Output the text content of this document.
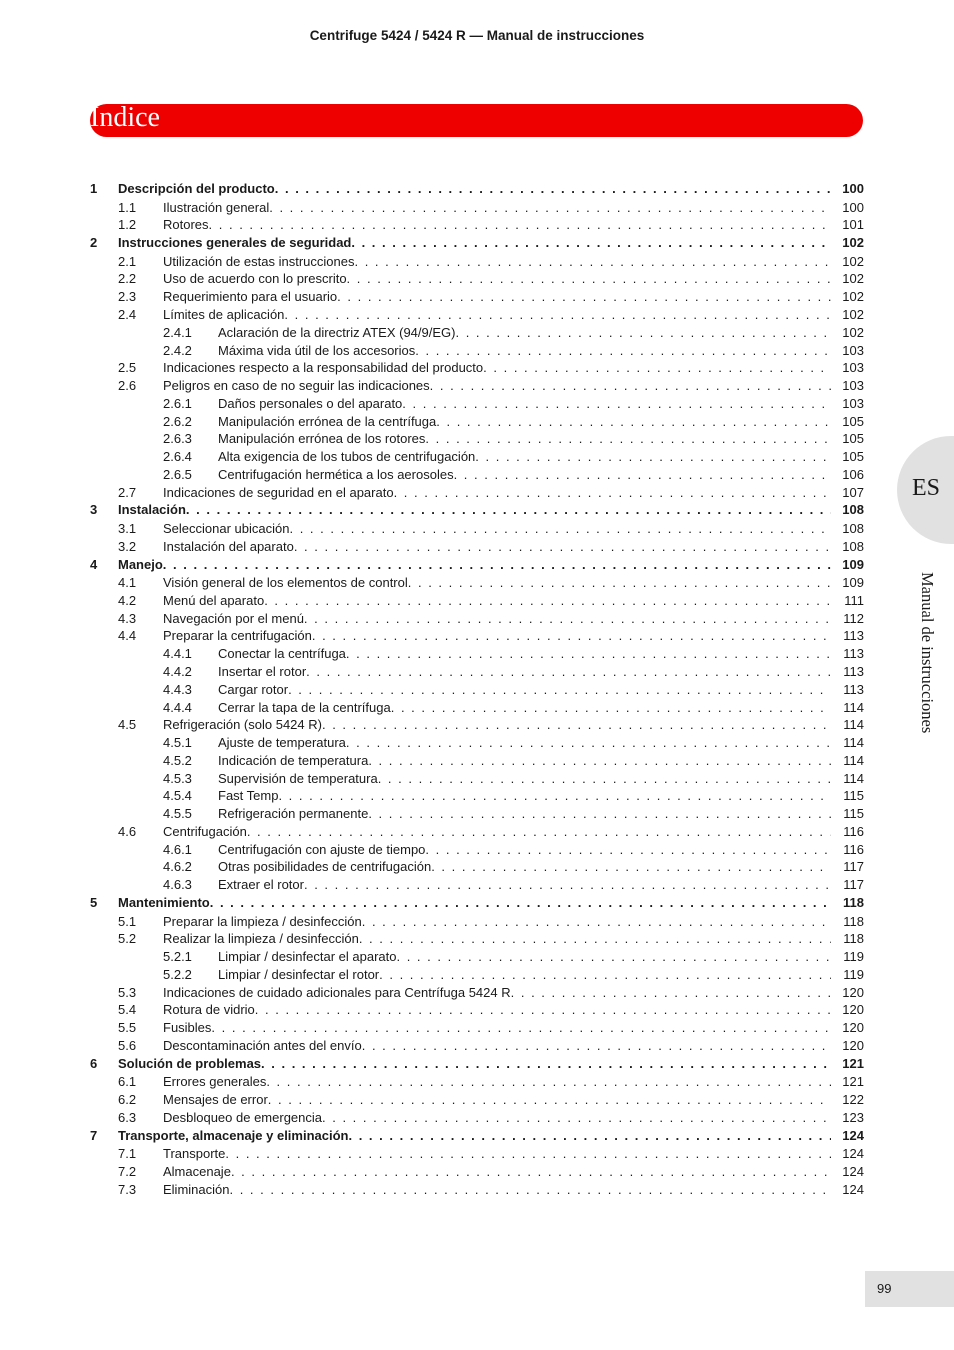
Centrifuge 5424 / 5424 R — Manual de instrucciones
Índice
1 Descripción del producto . . .	100
1.1 Ilustración general . . .	100
1.2 Rotores . . .	101
2 Instrucciones generales de seguridad . . .	102
2.1 Utilización de estas instrucciones . . .	102
2.2 Uso de acuerdo con lo prescrito . . .	102
2.3 Requerimiento para el usuario . . .	102
2.4 Límites de aplicación . . .	102
2.4.1 Aclaración de la directriz ATEX (94/9/EG) . . .	102
2.4.2 Máxima vida útil de los accesorios . . .	103
2.5 Indicaciones respecto a la responsabilidad del producto . . .	103
2.6 Peligros en caso de no seguir las indicaciones . . .	103
2.6.1 Daños personales o del aparato . . .	103
2.6.2 Manipulación errónea de la centrífuga . . .	105
2.6.3 Manipulación errónea de los rotores . . .	105
2.6.4 Alta exigencia de los tubos de centrifugación . . .	105
2.6.5 Centrifugación hermética a los aerosoles . . .	106
2.7 Indicaciones de seguridad en el aparato . . .	107
3 Instalación . . .	108
3.1 Seleccionar ubicación . . .	108
3.2 Instalación del aparato . . .	108
4 Manejo . . .	109
4.1 Visión general de los elementos de control . . .	109
4.2 Menú del aparato . . .	111
4.3 Navegación por el menú . . .	112
4.4 Preparar la centrifugación . . .	113
4.4.1 Conectar la centrífuga . . .	113
4.4.2 Insertar el rotor . . .	113
4.4.3 Cargar rotor . . .	113
4.4.4 Cerrar la tapa de la centrífuga . . .	114
4.5 Refrigeración (solo 5424 R) . . .	114
4.5.1 Ajuste de temperatura . . .	114
4.5.2 Indicación de temperatura . . .	114
4.5.3 Supervisión de temperatura . . .	114
4.5.4 Fast Temp . . .	115
4.5.5 Refrigeración permanente . . .	115
4.6 Centrifugación . . .	116
4.6.1 Centrifugación con ajuste de tiempo . . .	116
4.6.2 Otras posibilidades de centrifugación . . .	117
4.6.3 Extraer el rotor . . .	117
5 Mantenimiento . . .	118
5.1 Preparar la limpieza / desinfección . . .	118
5.2 Realizar la limpieza / desinfección . . .	118
5.2.1 Limpiar / desinfectar el aparato . . .	119
5.2.2 Limpiar / desinfectar el rotor . . .	119
5.3 Indicaciones de cuidado adicionales para Centrífuga 5424 R . . .	120
5.4 Rotura de vidrio . . .	120
5.5 Fusibles . . .	120
5.6 Descontaminación antes del envío . . .	120
6 Solución de problemas . . .	121
6.1 Errores generales . . .	121
6.2 Mensajes de error . . .	122
6.3 Desbloqueo de emergencia . . .	123
7 Transporte, almacenaje y eliminación . . .	124
7.1 Transporte . . .	124
7.2 Almacenaje . . .	124
7.3 Eliminación . . .	124
ES
Manual de instrucciones
99
